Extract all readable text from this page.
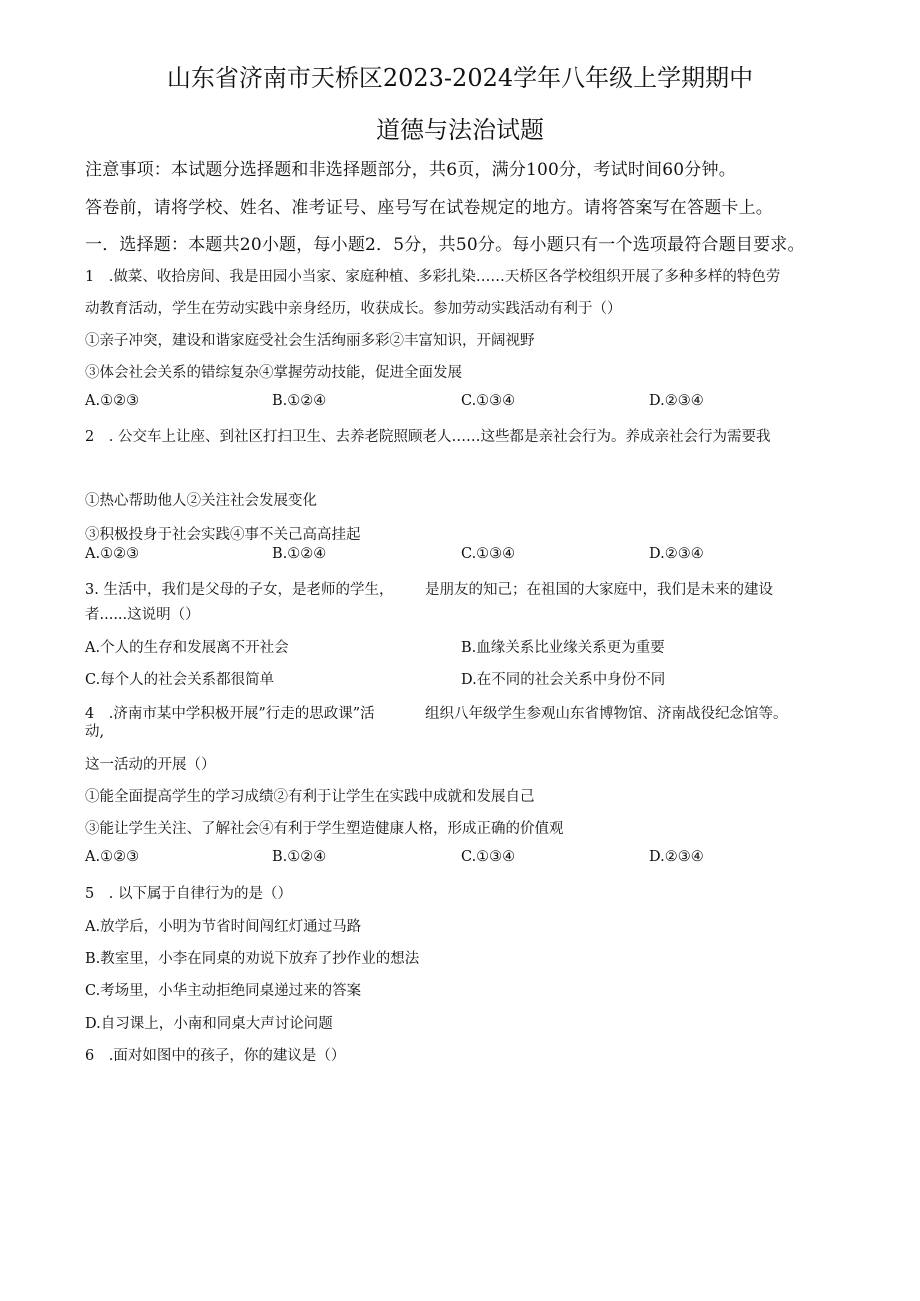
山东省济南市天桥区2023-2024学年八年级上学期期中
道德与法治试题
注意事项：本试题分选择题和非选择题部分，共6页，满分100分，考试时间60分钟。
答卷前，请将学校、姓名、准考证号、座号写在试卷规定的地方。请将答案写在答题卡上。
一．选择题：本题共20小题，每小题2．5分，共50分。每小题只有一个选项最符合题目要求。
1　.做菜、收拾房间、我是田园小当家、家庭种植、多彩扎染……天桥区各学校组织开展了多种多样的特色劳
动教育活动，学生在劳动实践中亲身经历，收获成长。参加劳动实践活动有利于（）
①亲子冲突，建设和谐家庭受社会生活绚丽多彩②丰富知识，开阔视野
③体会社会关系的错综复杂④掌握劳动技能，促进全面发展
A.①②③	B.①②④	C.①③④	D.②③④
2　. 公交车上让座、到社区打扫卫生、去养老院照顾老人……这些都是亲社会行为。养成亲社会行为需要我
①热心帮助他人②关注社会发展变化
③积极投身于社会实践④事不关己高高挂起
A.①②③	B.①②④	C.①③④	D.②③④
3. 生活中，我们是父母的子女，是老师的学生， 是朋友的知己；在祖国的大家庭中，我们是未来的建设
者......这说明（）
A.个人的生存和发展离不开社会	B.血缘关系比业缘关系更为重要
C.每个人的社会关系都很简单	D.在不同的社会关系中身份不同
4　.济南市某中学积极开展”行走的思政课”活
动,
组织八年级学生参观山东省博物馆、济南战役纪念馆等。
这一活动的开展（）
①能全面提高学生的学习成绩②有利于让学生在实践中成就和发展自己
③能让学生关注、了解社会④有利于学生塑造健康人格，形成正确的价值观
A.①②③	B.①②④	C.①③④	D.②③④
5　. 以下属于自律行为的是（）
A.放学后，小明为节省时间闯红灯通过马路
B.教室里，小李在同桌的劝说下放弃了抄作业的想法
C.考场里，小华主动拒绝同桌递过来的答案
D.自习课上，小南和同桌大声讨论问题
6　.面对如图中的孩子，你的建议是（）
